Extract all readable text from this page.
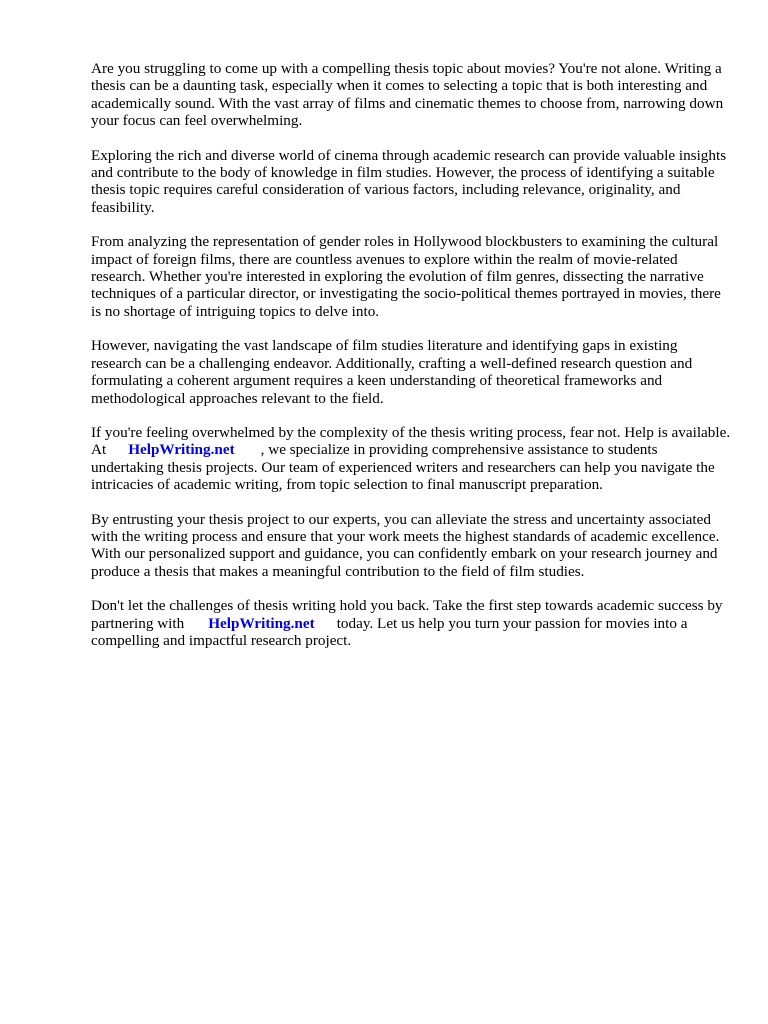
Are you struggling to come up with a compelling thesis topic about movies? You're not alone. Writing a thesis can be a daunting task, especially when it comes to selecting a topic that is both interesting and academically sound. With the vast array of films and cinematic themes to choose from, narrowing down your focus can feel overwhelming.

Exploring the rich and diverse world of cinema through academic research can provide valuable insights and contribute to the body of knowledge in film studies. However, the process of identifying a suitable thesis topic requires careful consideration of various factors, including relevance, originality, and feasibility.

From analyzing the representation of gender roles in Hollywood blockbusters to examining the cultural impact of foreign films, there are countless avenues to explore within the realm of movie-related research. Whether you're interested in exploring the evolution of film genres, dissecting the narrative techniques of a particular director, or investigating the socio-political themes portrayed in movies, there is no shortage of intriguing topics to delve into.

However, navigating the vast landscape of film studies literature and identifying gaps in existing research can be a challenging endeavor. Additionally, crafting a well-defined research question and formulating a coherent argument requires a keen understanding of theoretical frameworks and methodological approaches relevant to the field.

If you're feeling overwhelmed by the complexity of the thesis writing process, fear not. Help is available. At HelpWriting.net , we specialize in providing comprehensive assistance to students undertaking thesis projects. Our team of experienced writers and researchers can help you navigate the intricacies of academic writing, from topic selection to final manuscript preparation.

By entrusting your thesis project to our experts, you can alleviate the stress and uncertainty associated with the writing process and ensure that your work meets the highest standards of academic excellence. With our personalized support and guidance, you can confidently embark on your research journey and produce a thesis that makes a meaningful contribution to the field of film studies.

Don't let the challenges of thesis writing hold you back. Take the first step towards academic success by partnering with HelpWriting.net today. Let us help you turn your passion for movies into a compelling and impactful research project.
